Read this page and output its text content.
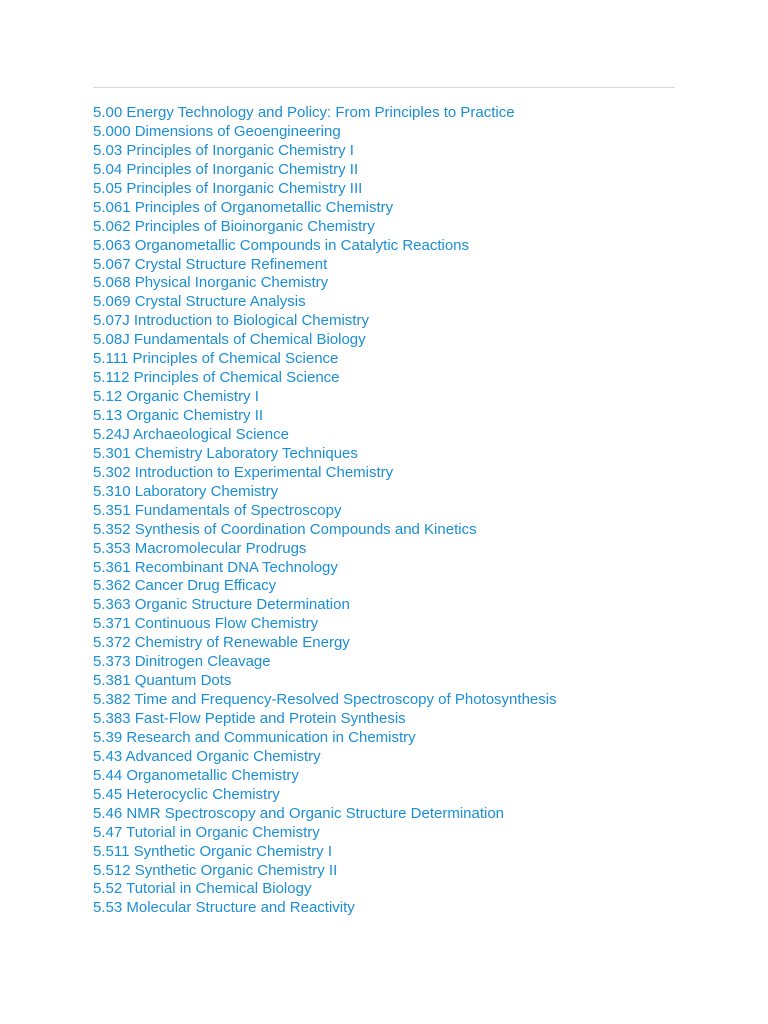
5.00 Energy Technology and Policy: From Principles to Practice
5.000 Dimensions of Geoengineering
5.03 Principles of Inorganic Chemistry I
5.04 Principles of Inorganic Chemistry II
5.05 Principles of Inorganic Chemistry III
5.061 Principles of Organometallic Chemistry
5.062 Principles of Bioinorganic Chemistry
5.063 Organometallic Compounds in Catalytic Reactions
5.067 Crystal Structure Refinement
5.068 Physical Inorganic Chemistry
5.069 Crystal Structure Analysis
5.07J Introduction to Biological Chemistry
5.08J Fundamentals of Chemical Biology
5.111 Principles of Chemical Science
5.112 Principles of Chemical Science
5.12 Organic Chemistry I
5.13 Organic Chemistry II
5.24J Archaeological Science
5.301 Chemistry Laboratory Techniques
5.302 Introduction to Experimental Chemistry
5.310 Laboratory Chemistry
5.351 Fundamentals of Spectroscopy
5.352 Synthesis of Coordination Compounds and Kinetics
5.353 Macromolecular Prodrugs
5.361 Recombinant DNA Technology
5.362 Cancer Drug Efficacy
5.363 Organic Structure Determination
5.371 Continuous Flow Chemistry
5.372 Chemistry of Renewable Energy
5.373 Dinitrogen Cleavage
5.381 Quantum Dots
5.382 Time and Frequency-Resolved Spectroscopy of Photosynthesis
5.383 Fast-Flow Peptide and Protein Synthesis
5.39 Research and Communication in Chemistry
5.43 Advanced Organic Chemistry
5.44 Organometallic Chemistry
5.45 Heterocyclic Chemistry
5.46 NMR Spectroscopy and Organic Structure Determination
5.47 Tutorial in Organic Chemistry
5.511 Synthetic Organic Chemistry I
5.512 Synthetic Organic Chemistry II
5.52 Tutorial in Chemical Biology
5.53 Molecular Structure and Reactivity
